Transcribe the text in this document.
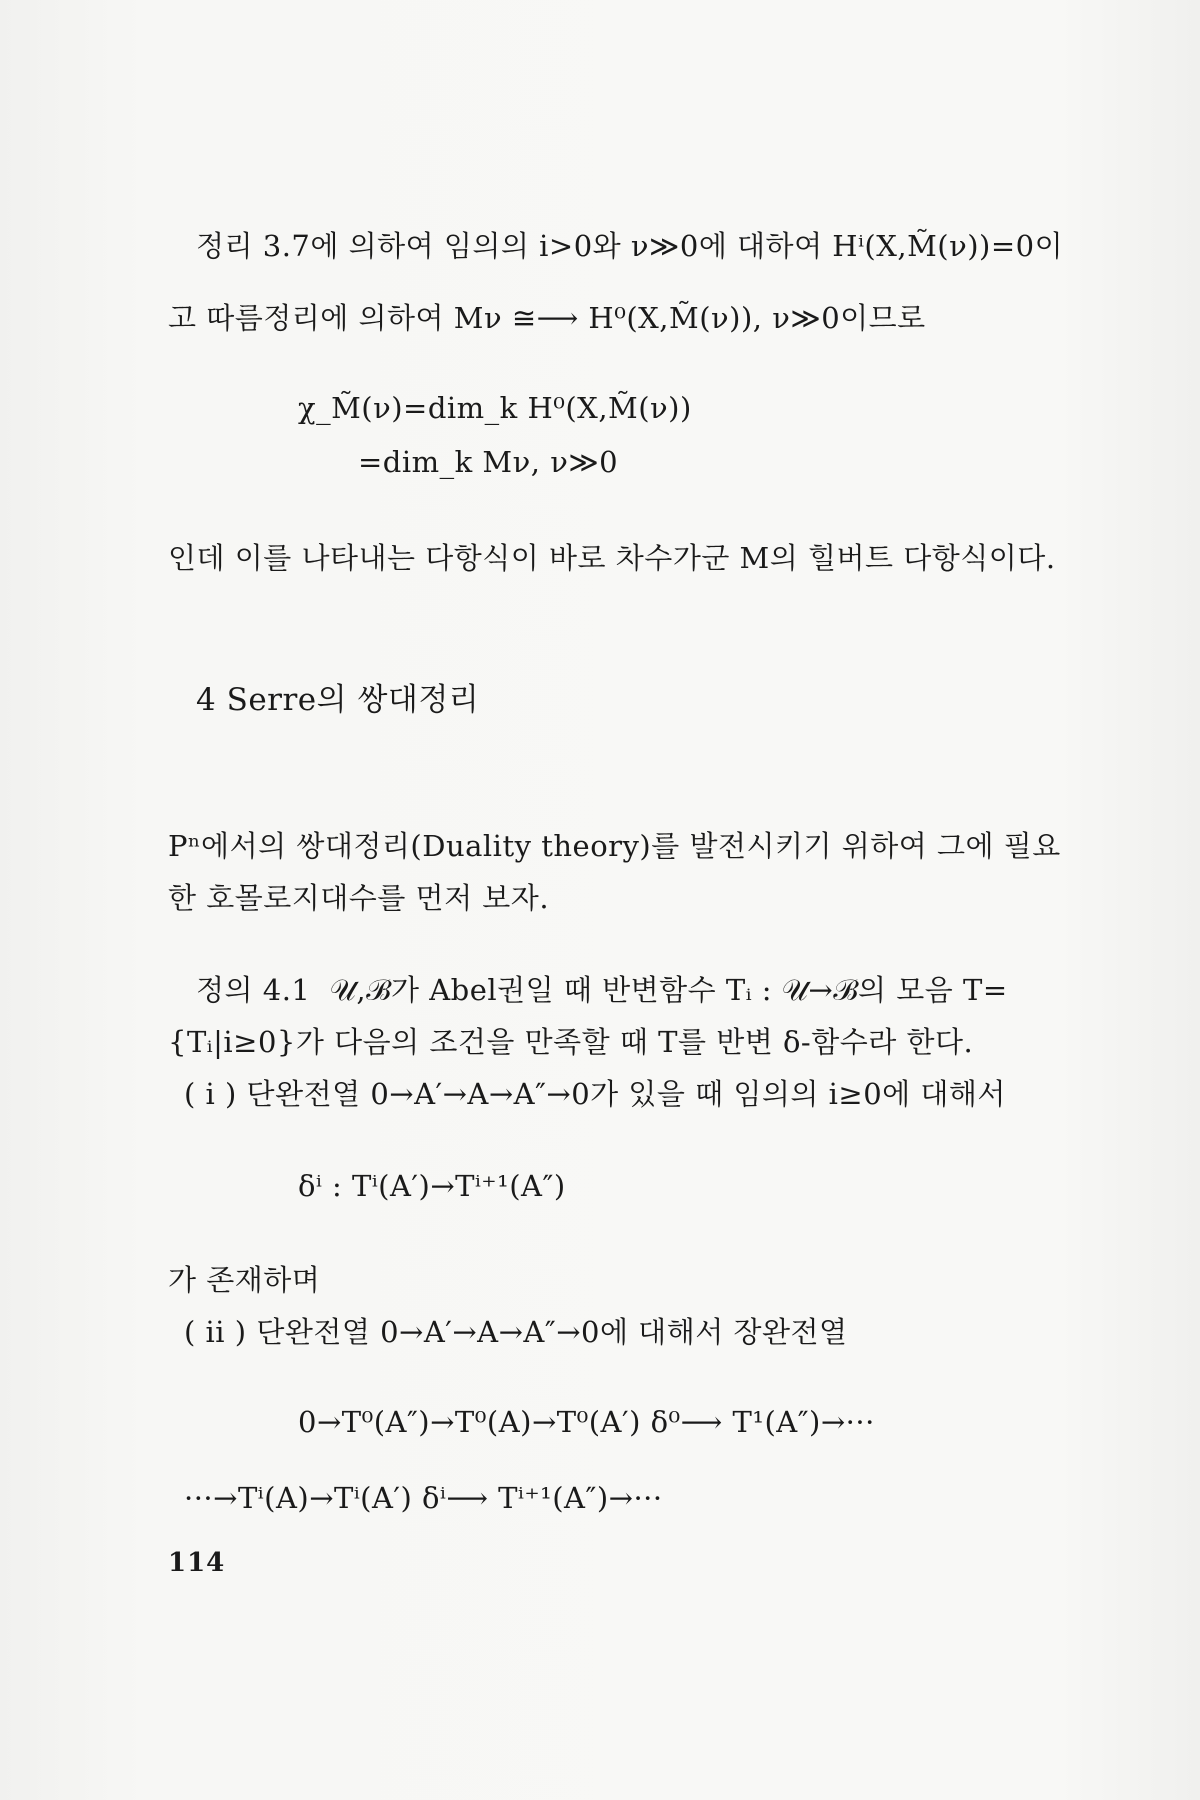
정리 3.7에 의하여 임의의 i>0와 ν≫0에 대하여 Hⁱ(X,M̃(ν))=0이
고 따름정리에 의하여 Mν ≅⟶ H⁰(X,M̃(ν)), ν≫0이므로
χ_M̃(ν)=dim_k H⁰(X,M̃(ν))
=dim_k Mν, ν≫0
인데 이를 나타내는 다항식이 바로 차수가군 M의 힐버트 다항식이다.
4 Serre의 쌍대정리
Pⁿ에서의 쌍대정리(Duality theory)를 발전시키기 위하여 그에 필요
한 호몰로지대수를 먼저 보자.
정의 4.1  𝒰,ℬ가 Abel권일 때 반변함수 Tᵢ : 𝒰→ℬ의 모음 T=
{Tᵢ|i≥0}가 다음의 조건을 만족할 때 T를 반변 δ-함수라 한다.
( i ) 단완전열 0→A′→A→A″→0가 있을 때 임의의 i≥0에 대해서
δⁱ : Tⁱ(A′)→Tⁱ⁺¹(A″)
가 존재하며
( ii ) 단완전열 0→A′→A→A″→0에 대해서 장완전열
0→T⁰(A″)→T⁰(A)→T⁰(A′) δ⁰⟶ T¹(A″)→···
···→Tⁱ(A)→Tⁱ(A′) δⁱ⟶ Tⁱ⁺¹(A″)→···
114
